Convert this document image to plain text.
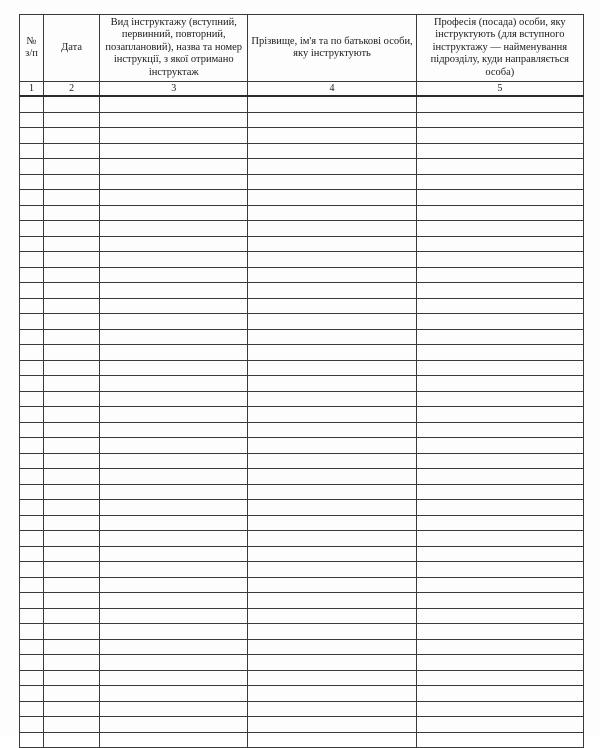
№ з/п	Дата	Вид інструктажу (вступний, первинний, повторний, позаплановий), назва та номер інструкції, з якої отримано інструктаж	Прізвище, ім'я та по батькові особи, яку інструктують	Професія (посада) особи, яку інструктують (для вступного інструктажу — найменування підрозділу, куди направляється особа)
1	2	3	4	5
